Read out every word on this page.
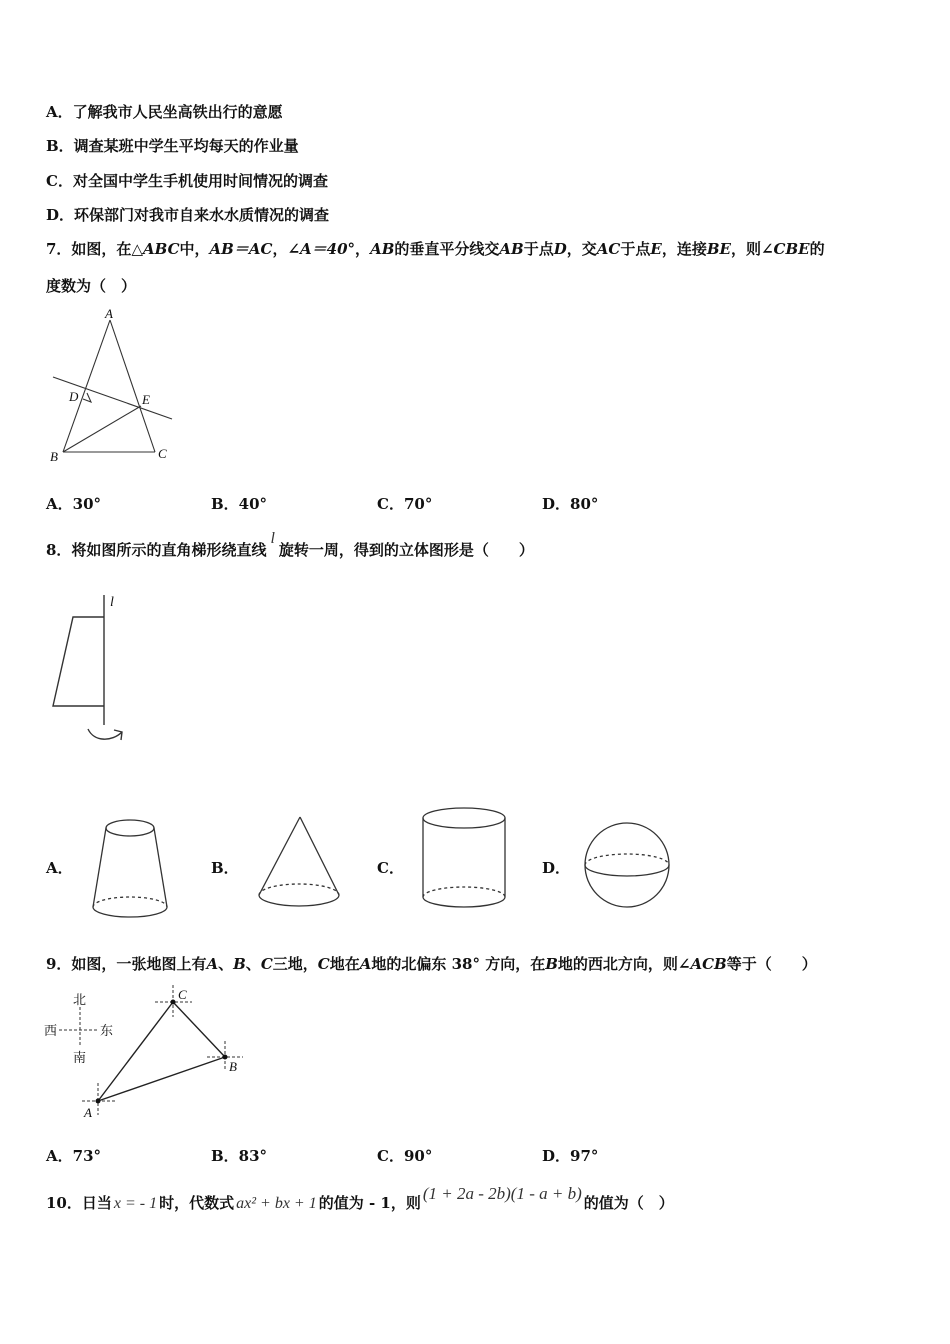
A．了解我市人民坐高铁出行的意愿
B．调查某班中学生平均每天的作业量
C．对全国中学生手机使用时间情况的调查
D．环保部门对我市自来水水质情况的调查
7．如图，在△ABC中，AB＝AC，∠A＝40°，AB的垂直平分线交AB于点D，交AC于点E，连接BE，则∠CBE的
度数为（　）
A
B	C
D	E
A．30°	B．40°	C．70°	D．80°
8．将如图所示的直角梯形绕直线l旋转一周，得到的立体图形是（　　）
l
A．	B．	C．	D．
9．如图，一张地图上有A、B、C三地，C地在A地的北偏东 38° 方向，在B地的西北方向，则∠ACB等于（　　）
北
南
西	东
C
B
A
A．73°	B．83°	C．90°	D．97°
10．日当 x = - 1 时，代数式 ax² + bx + 1 的值为 - 1，则 (1 + 2a - 2b)(1 - a + b) 的值为（　）
